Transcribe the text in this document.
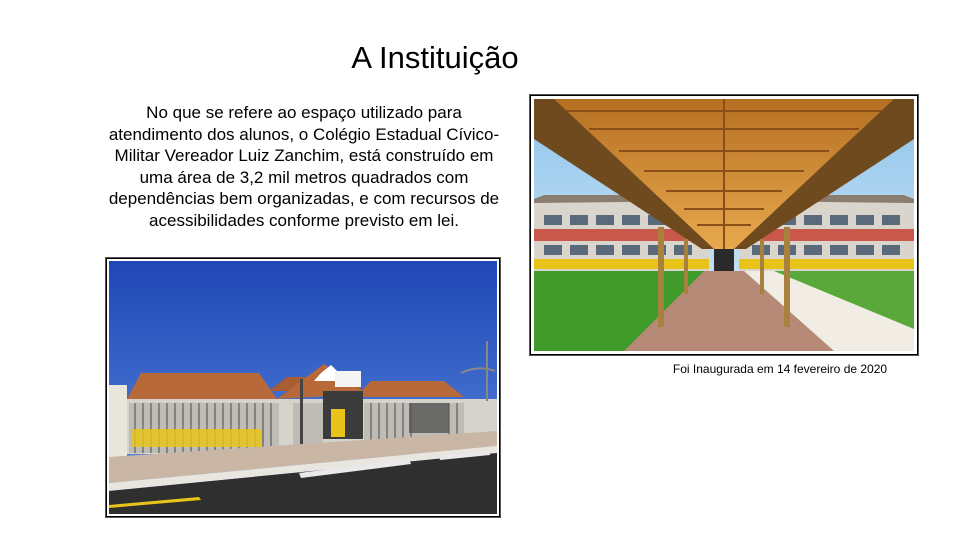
A Instituição
No que se refere ao espaço utilizado para atendimento dos alunos, o Colégio Estadual Cívico-Militar Vereador Luiz Zanchim, está construído em uma área de 3,2 mil metros quadrados com dependências bem organizadas, e com recursos de acessibilidades conforme previsto em lei.
Foi Inaugurada em 14 fevereiro de 2020
